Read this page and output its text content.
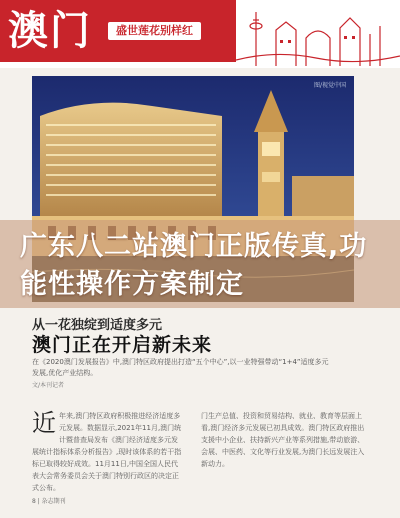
澳门	盛世莲花别样红
图/视觉中国
广东八二站澳门正版传真,功能性操作方案制定
从一花独绽到适度多元
澳门正在开启新未来
在《2020澳门发展报告》中,澳门特区政府提出打造“五个中心”,以一业特强带动“1+4”适度多元发展,优化产业结构。
文/本刊记者
近 年来,澳门特区政府积极推进经济适度多元发展。数据显示,2021年11月,澳门统计暨普查局发布《澳门经济适度多元发展统计指标体系分析报告》,现时该体系的若干指标已取得较好成效。11月11日,中国全国人民代表大会常务委员会关于澳门特别行政区的决定正式公布。
门生产总值、投资和贸易结构、就业、教育等层面上看,澳门经济多元发展已初具成效。澳门特区政府推出支援中小企业、扶持新兴产业等系列措施,带动旅游、会展、中医药、文化等行业发展,为澳门长远发展注入新动力。
8 | 杂志期刊
